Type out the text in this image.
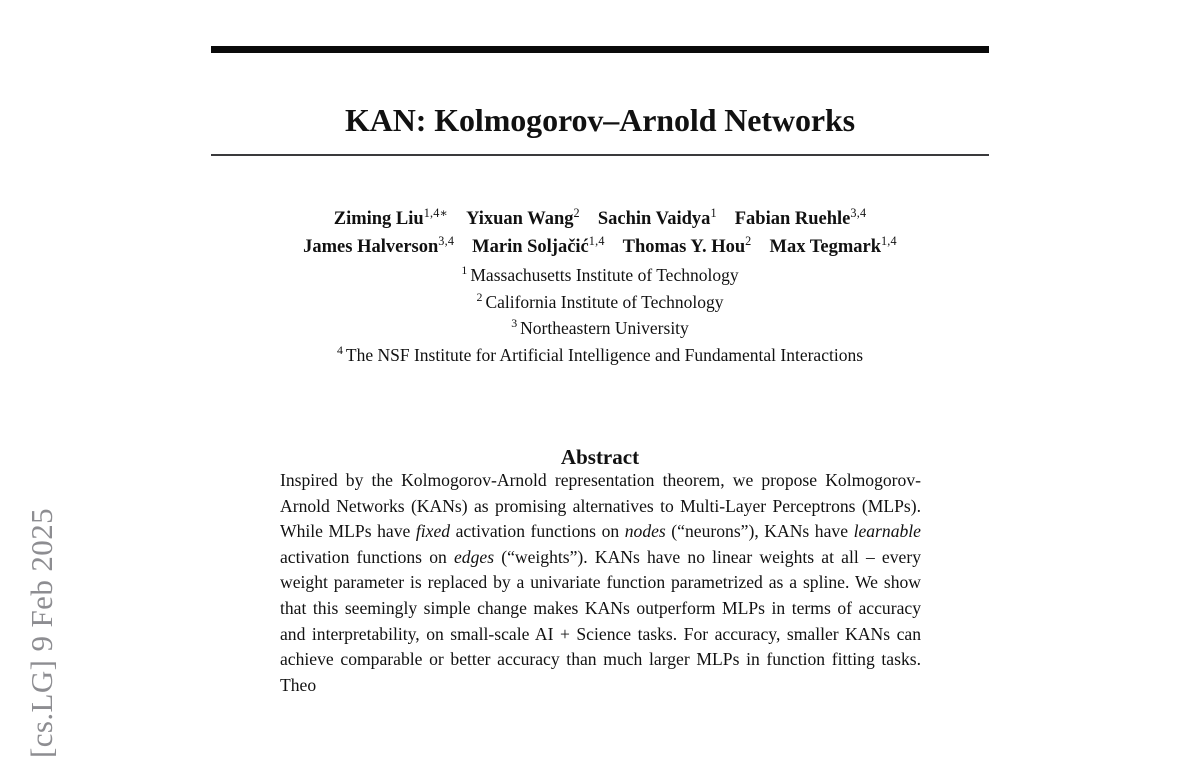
[cs.LG] 9 Feb 2025
KAN: Kolmogorov–Arnold Networks
Ziming Liu$^{1,4∗}$ Yixuan Wang$^2$ Sachin Vaidya$^1$ Fabian Ruehle$^{3,4}$
James Halverson$^{3,4}$ Marin Soljačić$^{1,4}$ Thomas Y. Hou$^2$ Max Tegmark$^{1,4}$
$^1$ Massachusetts Institute of Technology
$^2$ California Institute of Technology
$^3$ Northeastern University
$^4$ The NSF Institute for Artificial Intelligence and Fundamental Interactions
Abstract

Inspired by the Kolmogorov-Arnold representation theorem, we propose Kolmogorov-Arnold Networks (KANs) as promising alternatives to Multi-Layer Perceptrons (MLPs). While MLPs have fixed activation functions on nodes (“neurons”), KANs have learnable activation functions on edges (“weights”). KANs have no linear weights at all – every weight parameter is replaced by a univariate function parametrized as a spline. We show that this seemingly simple change makes KANs outperform MLPs in terms of accuracy and interpretability, on small-scale AI + Science tasks. For accuracy, smaller KANs can achieve comparable or better accuracy than much larger MLPs in function fitting tasks. Theo
